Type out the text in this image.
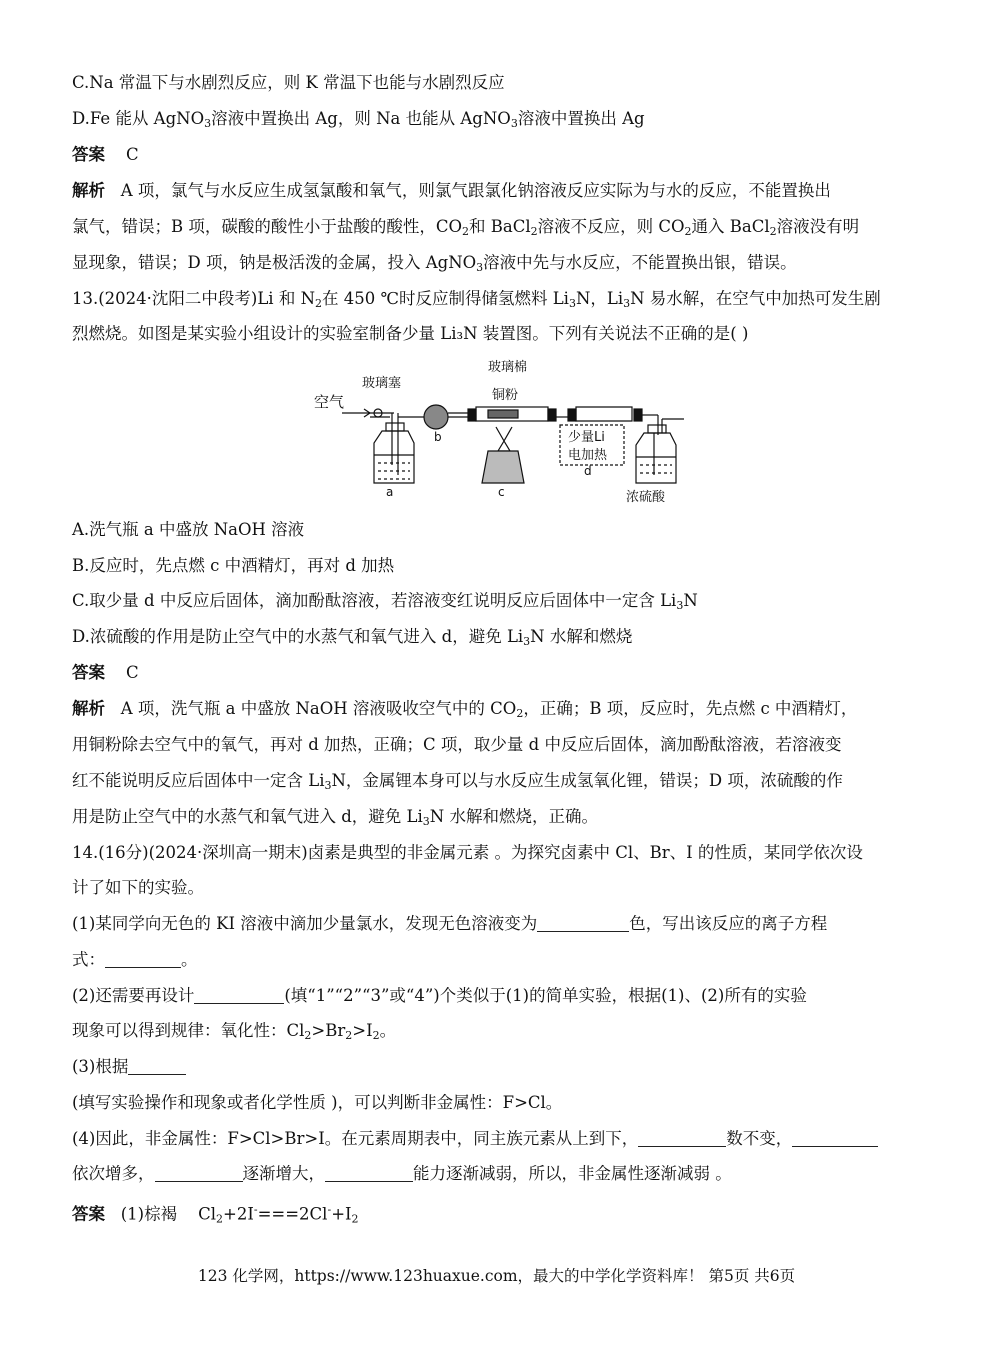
C.Na 常温下与水剧烈反应，则 K 常温下也能与水剧烈反应
D.Fe 能从 AgNO$_3$溶液中置换出 Ag，则 Na 也能从 AgNO$_3$溶液中置换出 Ag
答案 C
解析 A 项，氯气与水反应生成氢氯酸和氧气，则氯气跟氯化钠溶液反应实际为与水的反应，不能置换出
氯气，错误；B 项，碳酸的酸性小于盐酸的酸性，$CO_2$和 BaCl$_2$溶液不反应，则 $CO_2$通入 BaCl$_2$溶液没有明
显现象，错误；D 项，钠是极活泼的金属，投入 AgNO$_3$溶液中先与水反应，不能置换出银，错误。
13.(2024·沈阳二中段考)Li 和 $N_2$在 450 ℃时反应制得储氢燃料 $Li_3N$，$Li_3N$ 易水解，在空气中加热可发生剧
烈燃烧。如图是某实验小组设计的实验室制备少量 Li₃N 装置图。下列有关说法不正确的是( )
空气
玻璃塞
玻璃棉
铜粉
少量Li
电加热
a
b
c
d
浓硫酸
A.洗气瓶 a 中盛放 NaOH 溶液
B.反应时，先点燃 c 中酒精灯，再对 d 加热
C.取少量 d 中反应后固体，滴加酚酞溶液，若溶液变红说明反应后固体中一定含 $Li_3N$
D.浓硫酸的作用是防止空气中的水蒸气和氧气进入 d，避免 $Li_3N$ 水解和燃烧
答案 C
解析 A 项，洗气瓶 a 中盛放 NaOH 溶液吸收空气中的 $CO_2$，正确；B 项，反应时，先点燃 c 中酒精灯，
用铜粉除去空气中的氧气，再对 d 加热，正确；C 项，取少量 d 中反应后固体，滴加酚酞溶液，若溶液变
红不能说明反应后固体中一定含 $Li_3N$，金属锂本身可以与水反应生成氢氧化锂，错误；D 项，浓硫酸的作
用是防止空气中的水蒸气和氧气进入 d，避免 $Li_3N$ 水解和燃烧，正确。
14.(16分)(2024·深圳高一期末)卤素是典型的非金属元素 。为探究卤素中 Cl、Br、I 的性质，某同学依次设
计了如下的实验。
(1)某同学向无色的 KI 溶液中滴加少量氯水，发现无色溶液变为	色，写出该反应的离子方程
式：	。
(2)还需要再设计	(填“1”“2”“3”或“4”)个类似于(1)的简单实验，根据(1)、(2)所有的实验
现象可以得到规律：氧化性：$Cl_2>Br_2>I_2$。
(3)根据
(填写实验操作和现象或者化学性质 )，可以判断非金属性：F>Cl。
(4)因此，非金属性：F>Cl>Br>I。在元素周期表中，同主族元素从上到下，	数不变，
依次增多，	逐渐增大，	能力逐渐减弱，所以，非金属性逐渐减弱 。
答案 (1)棕褐 $Cl_2+2I^-===2Cl^-+I_2$
123 化学网，https://www.123huaxue.com，最大的中学化学资料库！ 第5页 共6页
